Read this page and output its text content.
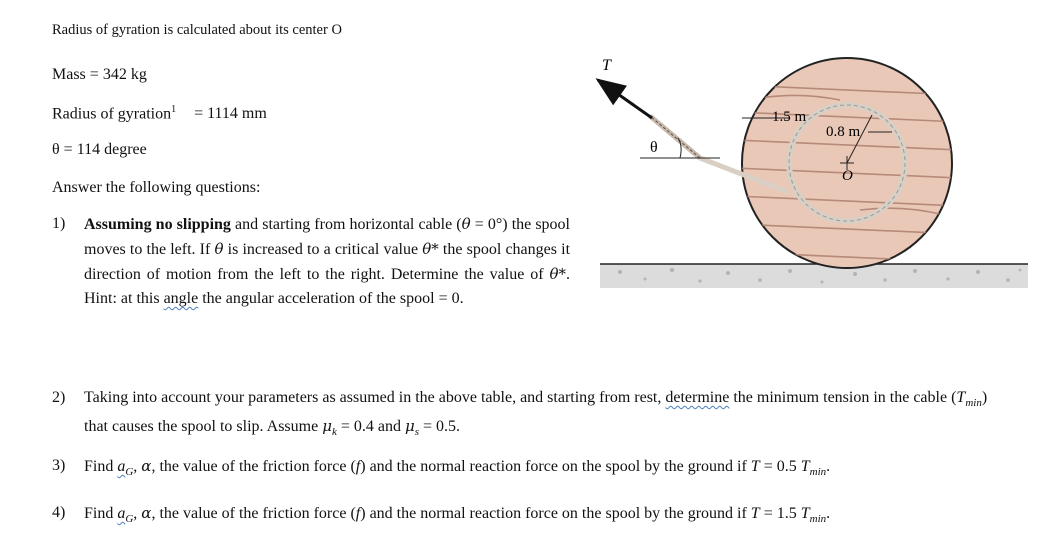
Radius of gyration is calculated about its center O
Mass = 342 kg
Radius of gyration$^1$ = 1114 mm
θ = 114 degree
Answer the following questions:
1) Assuming no slipping and starting from horizontal cable (θ = 0°) the spool moves to the left. If θ is increased to a critical value θ* the spool changes it direction of motion from the left to the right. Determine the value of θ*. Hint: at this angle the angular acceleration of the spool = 0.
2) Taking into account your parameters as assumed in the above table, and starting from rest, determine the minimum tension in the cable $(T_{min})$ that causes the spool to slip. Assume $\mu_k = 0.4$ and $\mu_s = 0.5$.
3) Find $a_G$, α, the value of the friction force (f) and the normal reaction force on the spool by the ground if T = 0.5 $T_{min}$.
4) Find $a_G$, α, the value of the friction force (f) and the normal reaction force on the spool by the ground if T = 1.5 $T_{min}$.
T
θ
1.5 m
0.8 m
O
